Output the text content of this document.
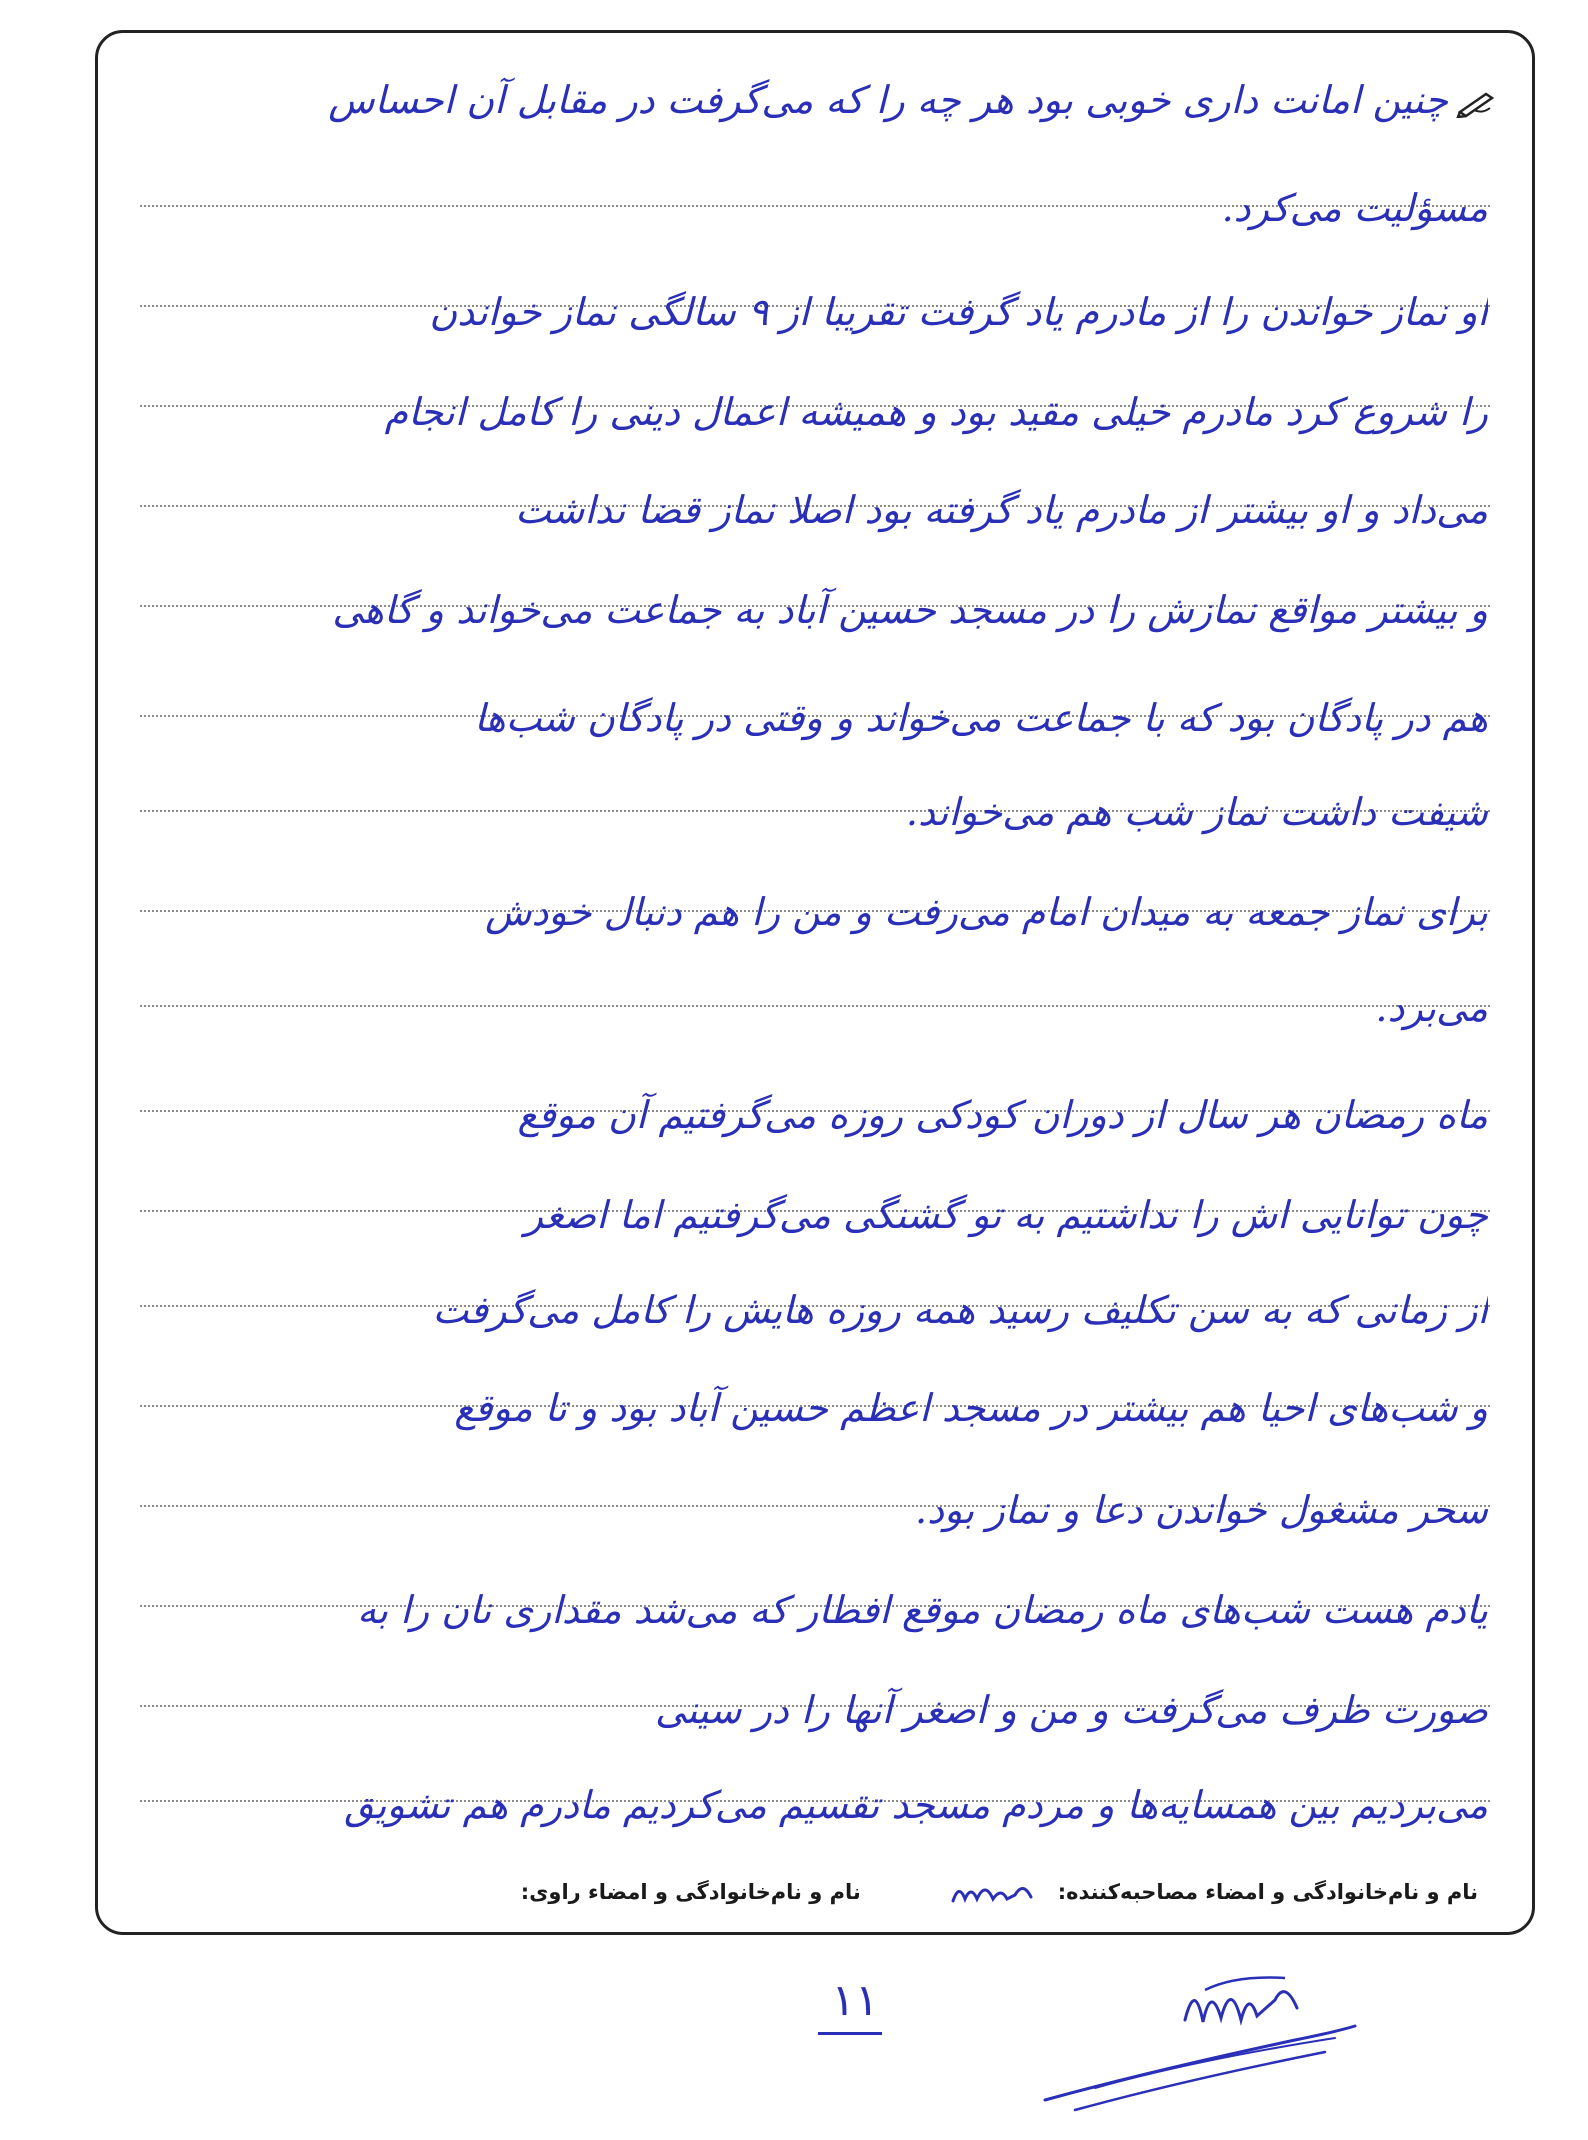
چنین امانت داری خوبی بود هر چه را که می‌گرفت در مقابل آن احساس
مسؤلیت می‌کرد.
او نماز خواندن را از مادرم یاد گرفت تقریبا از ۹ سالگی نماز خواندن
را شروع کرد مادرم خیلی مقید بود و همیشه اعمال دینی را کامل انجام
می‌داد و او بیشتر از مادرم یاد گرفته بود اصلا نماز قضا نداشت
و بیشتر مواقع نمازش را در مسجد حسین آباد به جماعت می‌خواند و گاهی
هم در پادگان بود که با جماعت می‌خواند و وقتی در پادگان شب‌ها
شیفت داشت نماز شب هم می‌خواند.
برای نماز جمعه به میدان امام می‌رفت و من را هم دنبال خودش
می‌برد.
ماه رمضان هر سال از دوران کودکی روزه می‌گرفتیم آن موقع
چون توانایی اش را نداشتیم به تو گشنگی می‌گرفتیم اما اصغر
از زمانی که به سن تکلیف رسید همه روزه هایش را کامل می‌گرفت
و شب‌های احیا هم بیشتر در مسجد اعظم حسین آباد بود و تا موقع
سحر مشغول خواندن دعا و نماز بود.
یادم هست شب‌های ماه رمضان موقع افطار که می‌شد مقداری نان را به
صورت ظرف می‌گرفت و من و اصغر آنها را در سینی
می‌بردیم بین همسایه‌ها و مردم مسجد تقسیم می‌کردیم مادرم هم تشویق
نام و نام‌خانوادگی و امضاء مصاحبه‌کننده:   نام و نام‌خانوادگی و امضاء راوی:
۱۱
